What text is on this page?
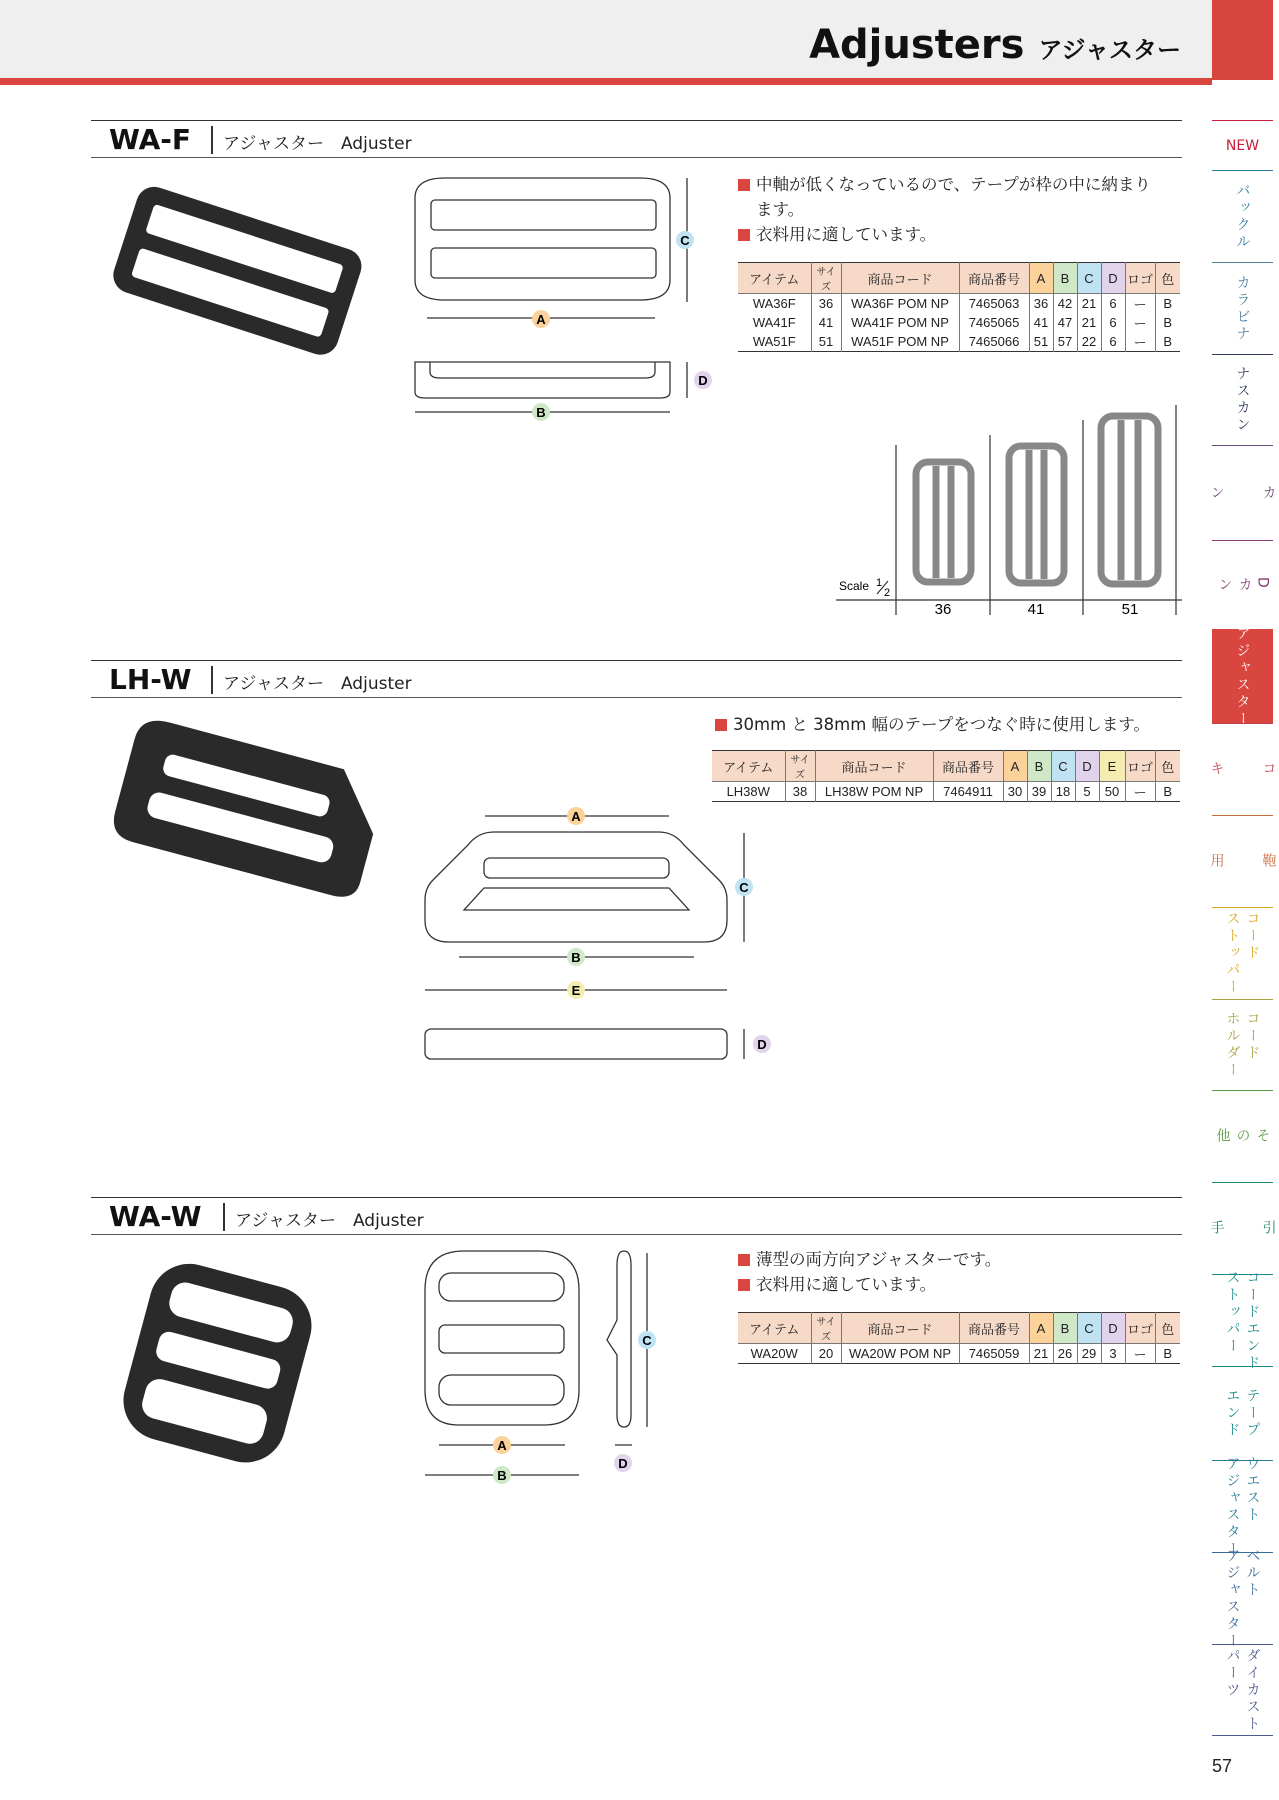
Adjusters アジャスター
WA-F アジャスター　Adjuster
C
A
D
B
中軸が低くなっているので、テープが枠の中に納まり
ます。
衣料用に適しています。
アイテム	サイズ	商品コード	商品番号	A	B	C	D	ロゴ	色
WA36F	36	WA36F POM NP	7465063	36	42	21	6	ー	B
WA41F	41	WA41F POM NP	7465065	41	47	21	6	ー	B
WA51F	51	WA51F POM NP	7465066	51	57	22	6	ー	B
Scale 1
2
36	41	51
LH-W アジャスター　Adjuster
A
C
B
E
D
30mm と 38mm 幅のテープをつなぐ時に使用します。
アイテム	サイズ	商品コード	商品番号	A	B	C	D	E	ロゴ	色
LH38W	38	LH38W POM NP	7464911	30	39	18	5	50	ー	B
WA-W アジャスター　Adjuster
C
A
B
D
薄型の両方向アジャスターです。
衣料用に適しています。
アイテム	サイズ	商品コード	商品番号	A	B	C	D	ロゴ	色
WA20W	20	WA20W POM NP	7465059	21	26	29	3	ー	B
NEW
バックル
カラビナ
ナスカン
カ

ン
D
カ
ン
アジャスター
コ

キ
鞄

用
コード
ストッパー
コード
ホルダー
そ
の
他
引

手
コードエンド
ストッパー
テープ
エンド
ウエスト
アジャスター
ベルト
アジャスター
ダイカスト
パーツ
57
